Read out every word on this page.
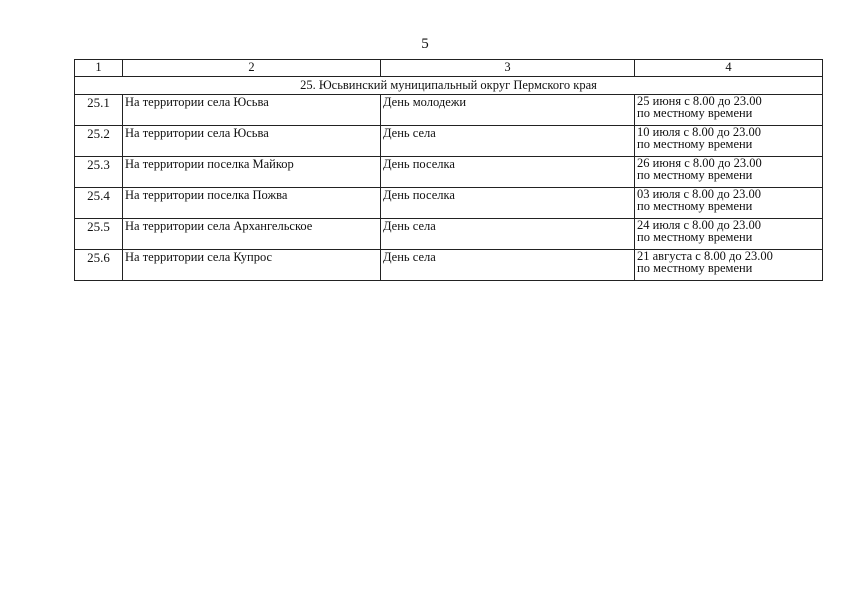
5
1	2	3	4
25. Юсьвинский муниципальный округ Пермского края			
25.1	На территории села Юсьва	День молодежи	25 июня с 8.00 до 23.00
по местному времени

25.2	На территории села Юсьва	День села	10 июля с 8.00 до 23.00
по местному времени

25.3	На территории поселка Майкор	День поселка	26 июня с 8.00 до 23.00
по местному времени

25.4	На территории поселка Пожва	День поселка	03 июля с 8.00 до 23.00
по местному времени

25.5	На территории села Архангельское	День села	24 июля с 8.00 до 23.00
по местному времени

25.6	На территории села Купрос	День села	21 августа с 8.00 до 23.00
по местному времени
